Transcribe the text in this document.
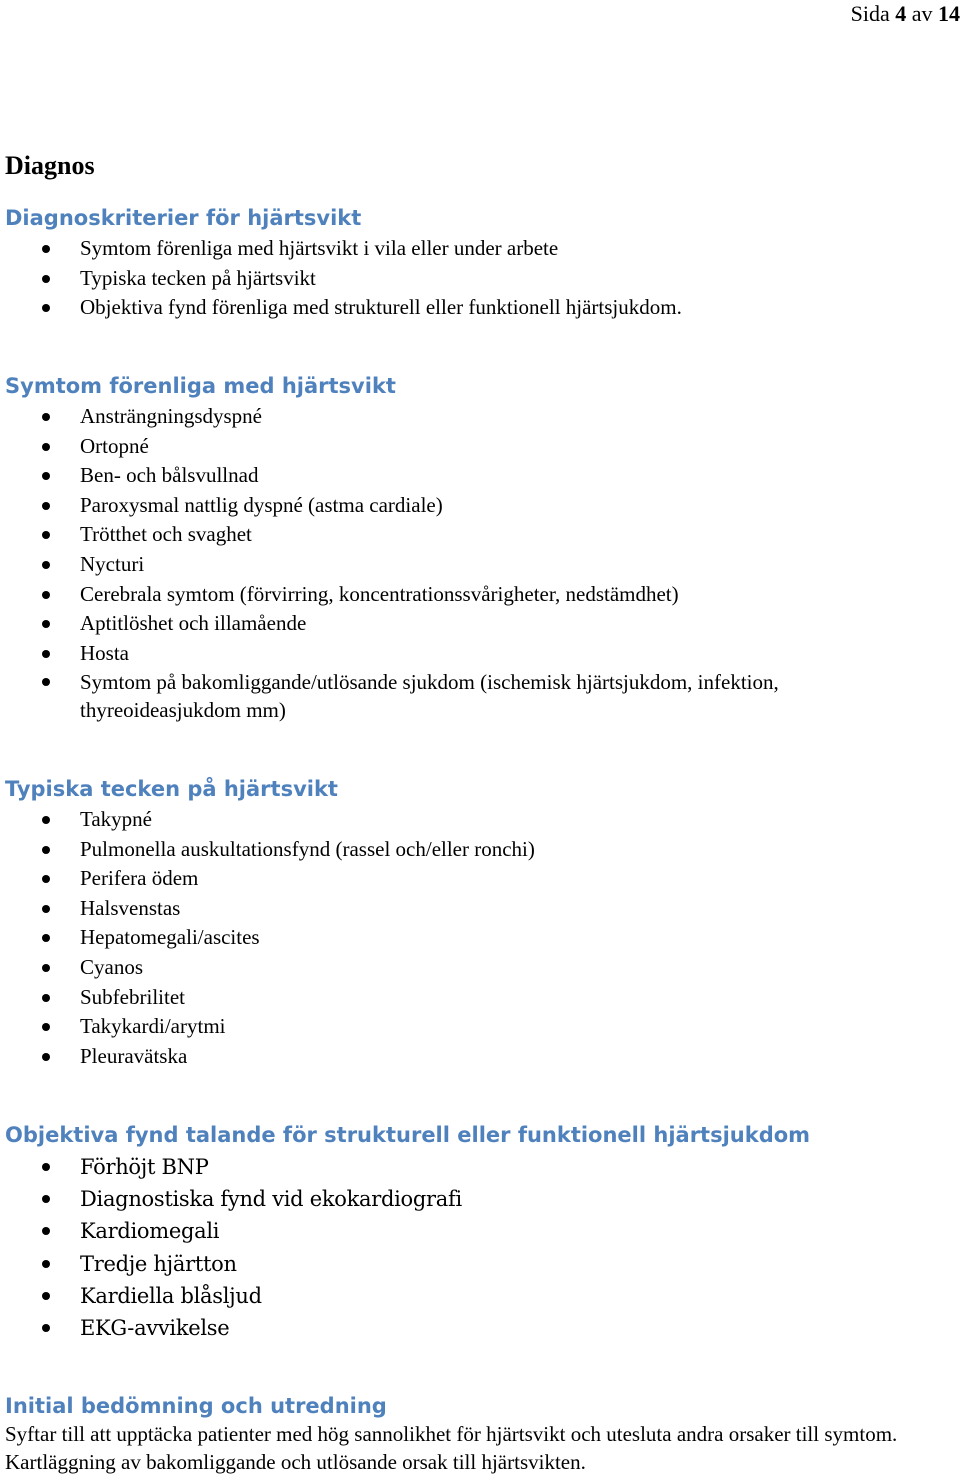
Sida 4 av 14
Diagnos
Diagnoskriterier för hjärtsvikt
Symtom förenliga med hjärtsvikt i vila eller under arbete
Typiska tecken på hjärtsvikt
Objektiva fynd förenliga med strukturell eller funktionell hjärtsjukdom.
Symtom förenliga med hjärtsvikt
Ansträngningsdyspné
Ortopné
Ben- och bålsvullnad
Paroxysmal nattlig dyspné (astma cardiale)
Trötthet och svaghet
Nycturi
Cerebrala symtom (förvirring, koncentrationssvårigheter, nedstämdhet)
Aptitlöshet och illamående
Hosta
Symtom på bakomliggande/utlösande sjukdom (ischemisk hjärtsjukdom, infektion, thyreoideasjukdom mm)
Typiska tecken på hjärtsvikt
Takypné
Pulmonella auskultationsfynd (rassel och/eller ronchi)
Perifera ödem
Halsvenstas
Hepatomegali/ascites
Cyanos
Subfebrilitet
Takykardi/arytmi
Pleuravätska
Objektiva fynd talande för strukturell eller funktionell hjärtsjukdom
Förhöjt BNP
Diagnostiska fynd vid ekokardiografi
Kardiomegali
Tredje hjärtton
Kardiella blåsljud
EKG-avvikelse
Initial bedömning och utredning

Syftar till att upptäcka patienter med hög sannolikhet för hjärtsvikt och utesluta andra orsaker till symtom. Kartläggning av bakomliggande och utlösande orsak till hjärtsvikten.
